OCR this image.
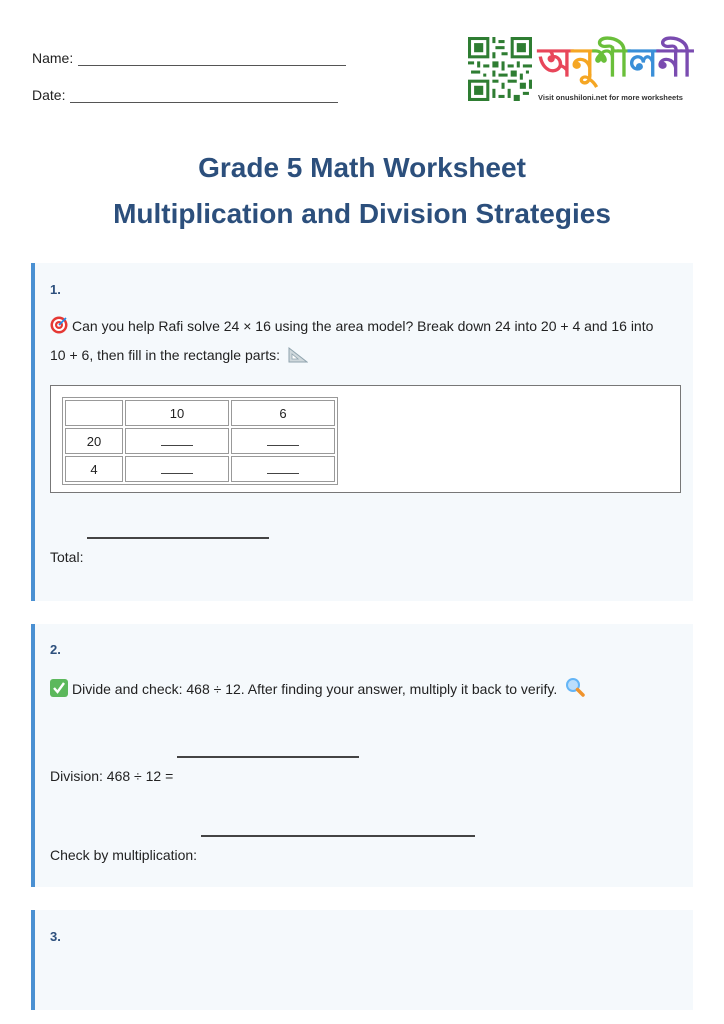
Name:
Date:
অনুশীলনী
Visit onushiloni.net for more worksheets
Grade 5 Math Worksheet
Multiplication and Division Strategies
1.
Can you help Rafi solve 24 × 16 using the area model? Break down 24 into 20 + 4 and 16 into 10 + 6, then fill in the rectangle parts:
	10	6
20		
4		
Total:
2.
Divide and check: 468 ÷ 12. After finding your answer, multiply it back to verify.
Division: 468 ÷ 12 =
Check by multiplication:
3.
